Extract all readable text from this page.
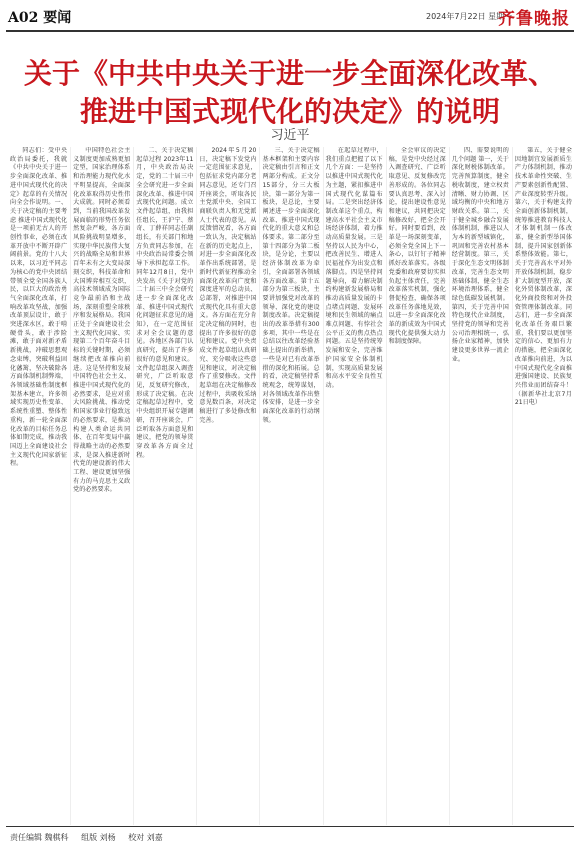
A02 要闻	2024年7月22日 星期一
齐鲁晚报
关于《中共中央关于进一步全面深化改革、
推进中国式现代化的决定》的说明
习近平

同志们：受中央政治局委托，我就《中共中央关于进一步全面深化改革、推进中国式现代化的决定》起草的有关情况向全会作说明。一、关于决定稿的主要考虑 推进中国式现代化是一项前无古人的开创性事业，必须在改革开放中不断开辟广阔前景。党的十八大以来，以习近平同志为核心的党中央团结带领全党全国各族人民，以巨大的政治勇气全面深化改革，打响改革攻坚战，加强改革顶层设计，敢于突进深水区，敢于啃硬骨头，敢于涉险滩，敢于面对新矛盾新挑战，冲破思想观念束缚，突破利益固化藩篱，坚决破除各方面体制机制弊端，各领域基础性制度框架基本建立，许多领域实现历史性变革、系统性重塑、整体性重构，新一轮全面深化改革的目标任务总体如期完成，推动我国迈上全面建设社会主义现代化国家新征程。

中国特色社会主义制度更加成熟更加定型，国家治理体系和治理能力现代化水平明显提高，全面深化改革取得历史性伟大成就。同时必须看到，当前我国改革发展面临的形势任务依然复杂严峻，各方面风险挑战明显增多，实现中华民族伟大复兴的战略全局和世界百年未有之大变局深刻交织，科技革命和大国博弈相互交织，高技术领域成为国际竞争最前沿和主战场，深刻重塑全球秩序和发展格局。我国正处于全面建设社会主义现代化国家、实现第二个百年奋斗目标的关键时期，必须继续把改革推向前进。这是坚持和发展中国特色社会主义、推进中国式现代化的必然要求，是应对重大风险挑战、推动党和国家事业行稳致远的必然要求，是推动构建人类命运共同体、在百年变局中赢得战略主动的必然要求，是深入推进新时代党的建设新的伟大工程、建设更加坚强有力的马克思主义政党的必然要求。

二、关于决定稿起草过程 2023年11月，中央政治局决定，党的二十届三中全会研究进一步全面深化改革、推进中国式现代化问题。成立文件起草组，由我担任组长，王沪宁、蔡奇、丁薛祥同志任副组长，有关部门和地方负责同志参加，在中央政治局常委会领导下承担起草工作。同年12月8日，党中央发出《关于对党的二十届三中全会研究进一步全面深化改革、推进中国式现代化问题征求意见的通知》，在一定范围征求对全会议题的意见。各地区各部门认真研究，提出了许多很好的意见和建议。文件起草组深入调查研究，广泛听取意见，反复研究修改，形成了决定稿。在决定稿起草过程中，党中央组织开展专题调研，召开座谈会，广泛听取各方面意见和建议，把党的领导贯穿改革各方面全过程。

2024年5月20日，决定稿下发党内一定范围征求意见，包括征求党内部分老同志意见，还专门召开座谈会，听取各民主党派中央、全国工商联负责人和无党派人士代表的意见。从反馈情况看，各方面一致认为，决定稿站在新的历史起点上，对进一步全面深化改革作出系统部署，是新时代新征程推动全面深化改革向广度和深度进军的总动员、总部署，对推进中国式现代化具有重大意义。各方面在充分肯定决定稿的同时，也提出了许多很好的意见和建议。党中央责成文件起草组认真研究、充分吸收这些意见和建议，对决定稿作了重要修改。文件起草组在决定稿修改过程中，共吸收采纳意见数百条，对决定稿进行了多处修改和完善。

三、关于决定稿基本框架和主要内容 决定稿由引言和正文两部分构成。正文分15部分，分三大板块，第一部分为第一板块，是总论，主要阐述进一步全面深化改革、推进中国式现代化的重大意义和总体要求。第二部分至第十四部分为第二板块，是分论，主要以经济体制改革为牵引，全面部署各领域各方面改革。第十五部分为第三板块，主要讲加强党对改革的领导、深化党的建设制度改革。决定稿提出的改革举措有300多项，其中一些是在总结以往改革经验基础上提出的新举措，一些是对已有改革举措的深化和拓展。总的看，决定稿坚持系统观念，统筹谋划，对各领域改革作出整体安排，是进一步全面深化改革的行动纲领。

在起草过程中，我们重点把握了以下几个方面：一是坚持以推进中国式现代化为主题，紧扣推进中国式现代化谋篇布局。二是突出经济体制改革这个重点，构建高水平社会主义市场经济体制，着力推动高质量发展。三是坚持以人民为中心，把改善民生、增进人民福祉作为出发点和落脚点。四是坚持问题导向，着力解决制约构建新发展格局和推动高质量发展的卡点堵点问题、发展环境和民生领域的痛点难点问题、有悖社会公平正义的焦点热点问题。五是坚持统筹发展和安全，完善维护国家安全体制机制，实现高质量发展和高水平安全良性互动。

全会审议的决定稿，是党中央经过深入调查研究、广泛听取意见、反复修改完善形成的。各位同志要认真思考、深入讨论，提出建设性意见和建议，共同把决定稿修改好，把全会开好。同时要看到，改革是一场深刻变革，必须全党全国上下一条心，以钉钉子精神抓好改革落实。各级党委和政府要切实担负起主体责任，完善改革落实机制，强化督促检查，确保各项改革任务落地见效，以进一步全面深化改革的新成效为中国式现代化提供强大动力和制度保障。

四、需要说明的几个问题 第一，关于深化财税体制改革。完善预算制度，健全税收制度，建立权责清晰、财力协调、区域均衡的中央和地方财政关系。第二，关于健全城乡融合发展体制机制，推进以人为本的新型城镇化，巩固和完善农村基本经营制度。第三，关于深化生态文明体制改革，完善生态文明基础体制，健全生态环境治理体系，健全绿色低碳发展机制。第四，关于完善中国特色现代企业制度，坚持党的领导和完善公司治理相统一，弘扬企业家精神，加快建设更多世界一流企业。

第五，关于健全因地制宜发展新质生产力体制机制，推动技术革命性突破、生产要素创新性配置、产业深度转型升级。第六，关于构建支持全面创新体制机制，统筹推进教育科技人才体制机制一体改革，健全新型举国体制，提升国家创新体系整体效能。第七，关于完善高水平对外开放体制机制，稳步扩大制度型开放，深化外贸体制改革，深化外商投资和对外投资管理体制改革。同志们，进一步全面深化改革任务艰巨繁重，我们要以更加坚定的信心、更加有力的措施，把全面深化改革推向前进，为以中国式现代化全面推进强国建设、民族复兴伟业而团结奋斗！（据新华社北京7月21日电）

责任编辑 魏棋科 组版 刘杨 校对 刘嘉
